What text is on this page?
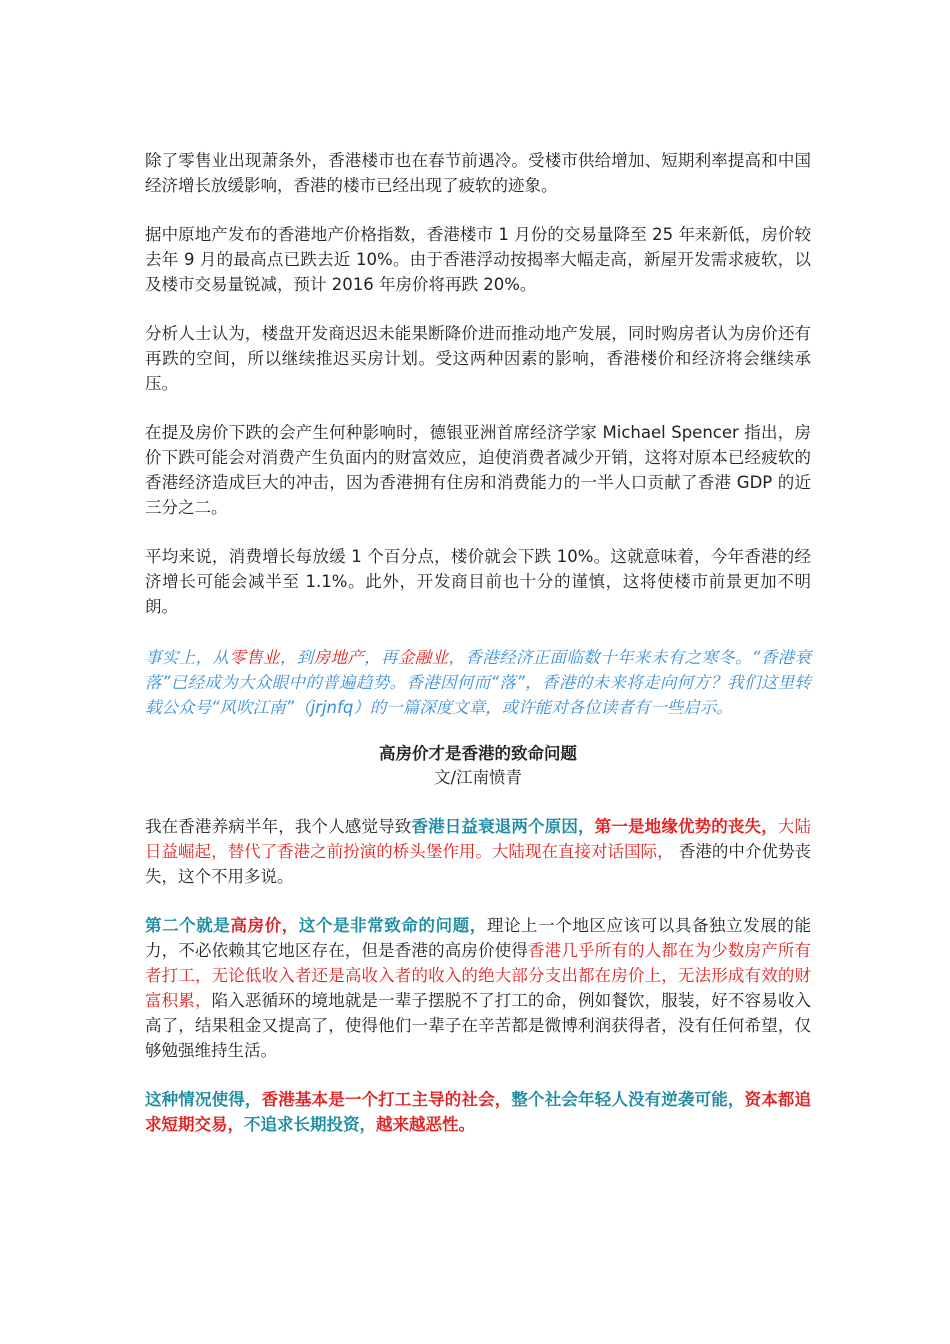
除了零售业出现萧条外，香港楼市也在春节前遇冷。受楼市供给增加、短期利率提高和中国经济增长放缓影响，香港的楼市已经出现了疲软的迹象。

据中原地产发布的香港地产价格指数，香港楼市 1 月份的交易量降至 25 年来新低，房价较去年 9 月的最高点已跌去近 10%。由于香港浮动按揭率大幅走高，新屋开发需求疲软，以及楼市交易量锐减，预计 2016 年房价将再跌 20%。

分析人士认为，楼盘开发商迟迟未能果断降价进而推动地产发展，同时购房者认为房价还有再跌的空间，所以继续推迟买房计划。受这两种因素的影响，香港楼价和经济将会继续承压。

在提及房价下跌的会产生何种影响时，德银亚洲首席经济学家 Michael Spencer 指出，房价下跌可能会对消费产生负面内的财富效应，迫使消费者减少开销，这将对原本已经疲软的香港经济造成巨大的冲击，因为香港拥有住房和消费能力的一半人口贡献了香港 GDP 的近三分之二。

平均来说，消费增长每放缓 1 个百分点，楼价就会下跌 10%。这就意味着，今年香港的经济增长可能会减半至 1.1%。此外，开发商目前也十分的谨慎，这将使楼市前景更加不明朗。

事实上，从零售业，到房地产，再金融业，香港经济正面临数十年来未有之寒冬。“香港衰落”已经成为大众眼中的普遍趋势。香港因何而“落”，香港的未来将走向何方？我们这里转载公众号“风吹江南”（jrjnfq）的一篇深度文章，或许能对各位读者有一些启示。

高房价才是香港的致命问题
文/江南愤青

我在香港养病半年，我个人感觉导致香港日益衰退两个原因，第一是地缘优势的丧失，大陆日益崛起，替代了香港之前扮演的桥头堡作用。大陆现在直接对话国际， 香港的中介优势丧失，这个不用多说。

第二个就是高房价，这个是非常致命的问题，理论上一个地区应该可以具备独立发展的能力，不必依赖其它地区存在，但是香港的高房价使得香港几乎所有的人都在为少数房产所有者打工，无论低收入者还是高收入者的收入的绝大部分支出都在房价上，无法形成有效的财富积累，陷入恶循环的境地就是一辈子摆脱不了打工的命，例如餐饮，服装，好不容易收入高了，结果租金又提高了，使得他们一辈子在辛苦都是微博利润获得者，没有任何希望，仅够勉强维持生活。

这种情况使得，香港基本是一个打工主导的社会，整个社会年轻人没有逆袭可能，资本都追求短期交易，不追求长期投资，越来越恶性。
